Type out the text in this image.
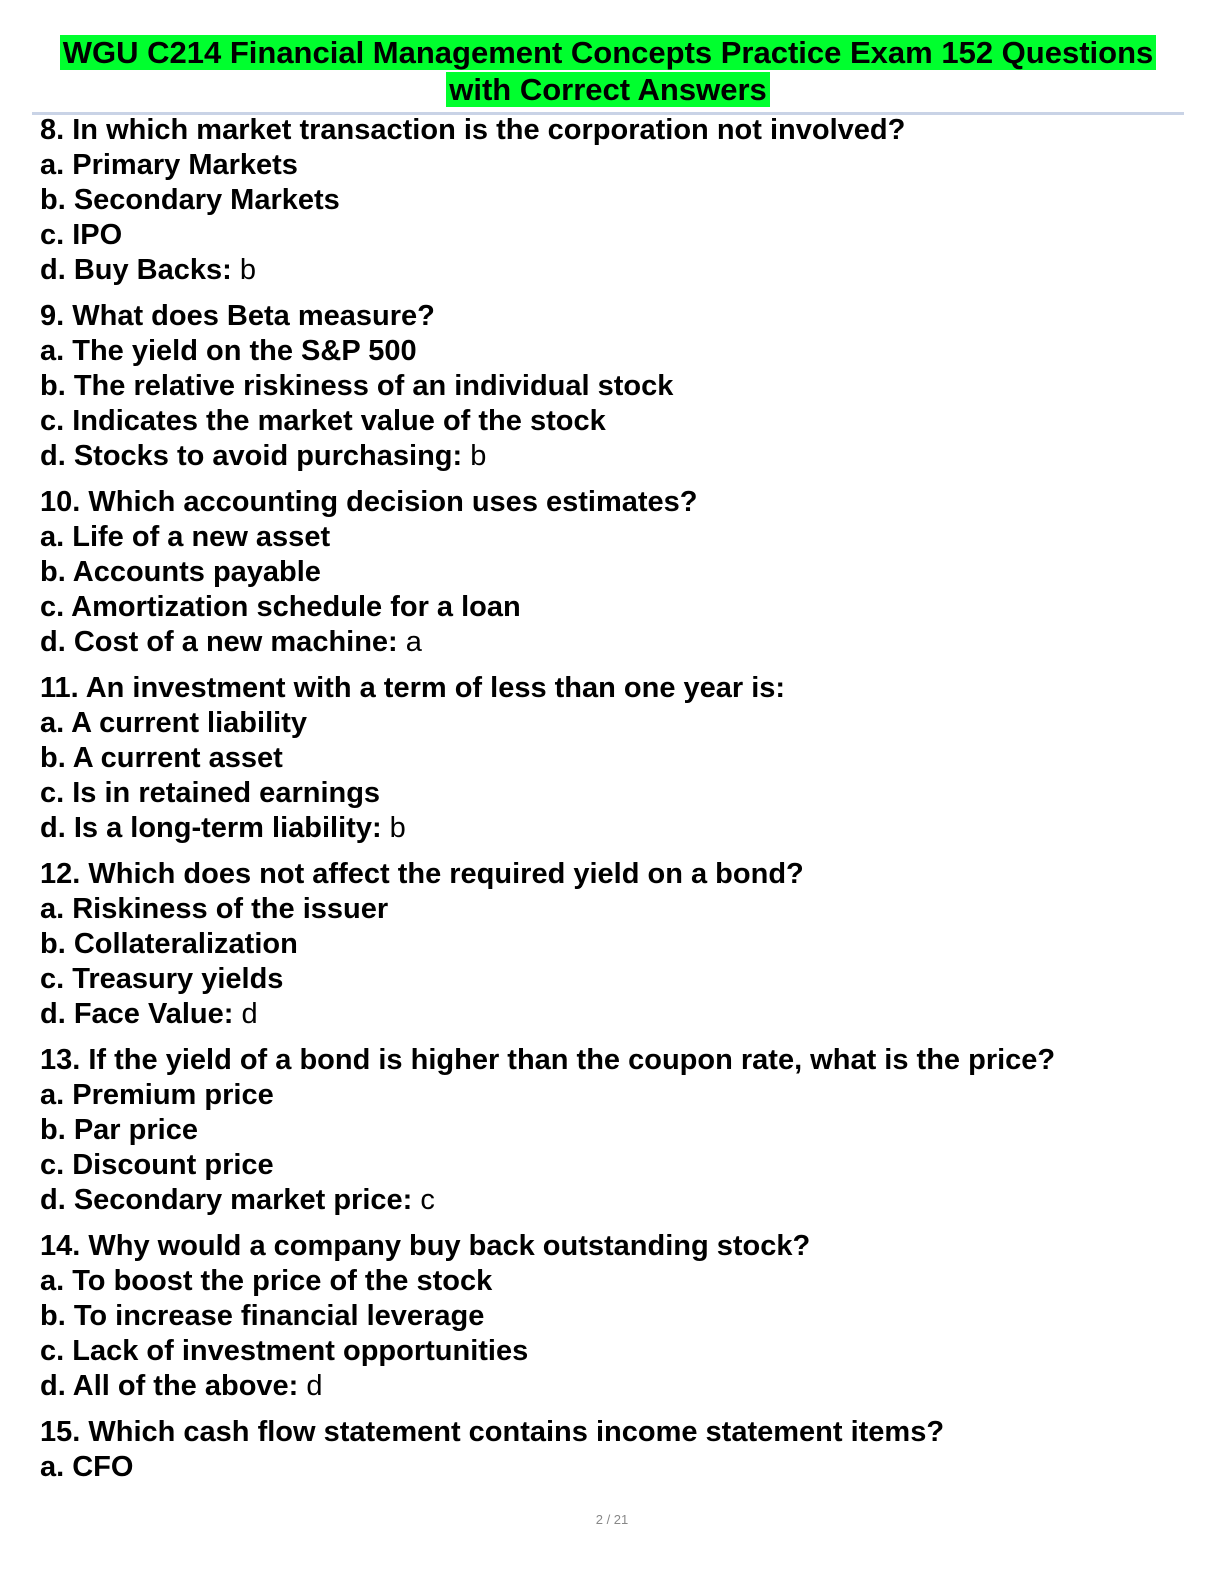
WGU C214 Financial Management Concepts Practice Exam 152 Questions with Correct Answers
8. In which market transaction is the corporation not involved?
a. Primary Markets
b. Secondary Markets
c. IPO
d. Buy Backs: b
9. What does Beta measure?
a. The yield on the S&P 500
b. The relative riskiness of an individual stock
c. Indicates the market value of the stock
d. Stocks to avoid purchasing: b
10. Which accounting decision uses estimates?
a. Life of a new asset
b. Accounts payable
c. Amortization schedule for a loan
d. Cost of a new machine: a
11. An investment with a term of less than one year is:
a. A current liability
b. A current asset
c. Is in retained earnings
d. Is a long-term liability: b
12. Which does not affect the required yield on a bond?
a. Riskiness of the issuer
b. Collateralization
c. Treasury yields
d. Face Value: d
13. If the yield of a bond is higher than the coupon rate, what is the price?
a. Premium price
b. Par price
c. Discount price
d. Secondary market price: c
14. Why would a company buy back outstanding stock?
a. To boost the price of the stock
b. To increase financial leverage
c. Lack of investment opportunities
d. All of the above: d
15. Which cash flow statement contains income statement items?
a. CFO
2 / 21
